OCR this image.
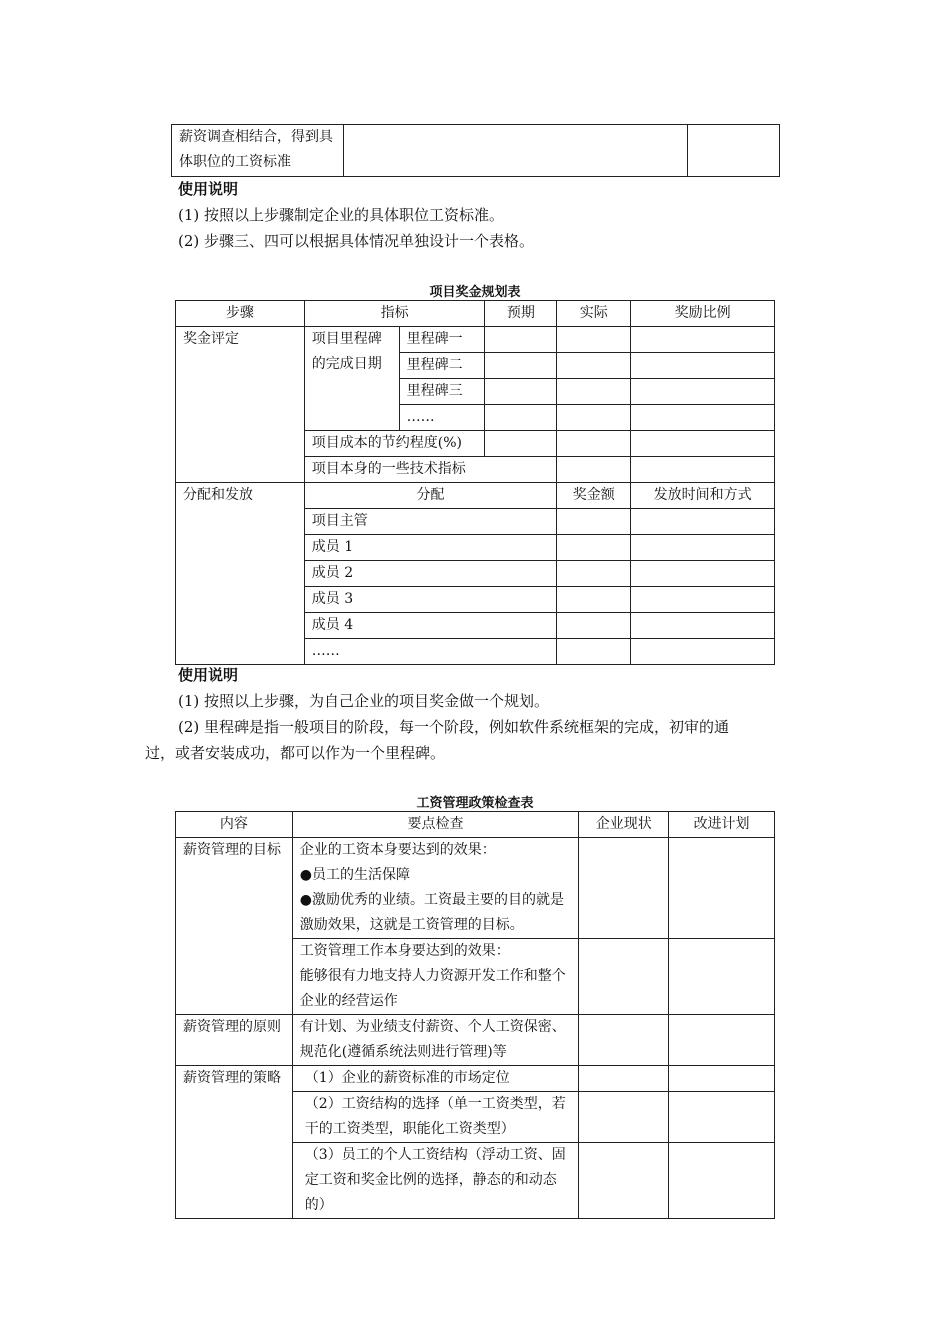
薪资调查相结合，得到具体职位的工资标准		
使用说明
(1) 按照以上步骤制定企业的具体职位工资标准。
(2) 步骤三、四可以根据具体情况单独设计一个表格。
项目奖金规划表
步骤	指标		预期	实际	奖励比例
奖金评定	项目里程碑的完成日期	里程碑一			
		里程碑二			
		里程碑三			
		……			
	项目成本的节约程度(%)				
	项目本身的一些技术指标				
分配和发放	分配			奖金额	发放时间和方式
	项目主管				
	成员 1				
	成员 2				
	成员 3				
	成员 4				
	……				
使用说明
(1) 按照以上步骤，为自己企业的项目奖金做一个规划。
(2) 里程碑是指一般项目的阶段，每一个阶段，例如软件系统框架的完成，初审的通
过，或者安装成功，都可以作为一个里程碑。
工资管理政策检查表
内容	要点检查	企业现状	改进计划
薪资管理的目标	企业的工资本身要达到的效果：
●员工的生活保障
●激励优秀的业绩。工资最主要的目的就是激励效果，这就是工资管理的目标。		

	工资管理工作本身要达到的效果：
能够很有力地支持人力资源开发工作和整个企业的经营运作		

薪资管理的原则	有计划、为业绩支付薪资、个人工资保密、规范化(遵循系统法则进行管理)等		
薪资管理的策略	（1）企业的薪资标准的市场定位		
	（2）工资结构的选择（单一工资类型，若干的工资类型，职能化工资类型）		
	（3）员工的个人工资结构（浮动工资、固定工资和奖金比例的选择，静态的和动态的）		
